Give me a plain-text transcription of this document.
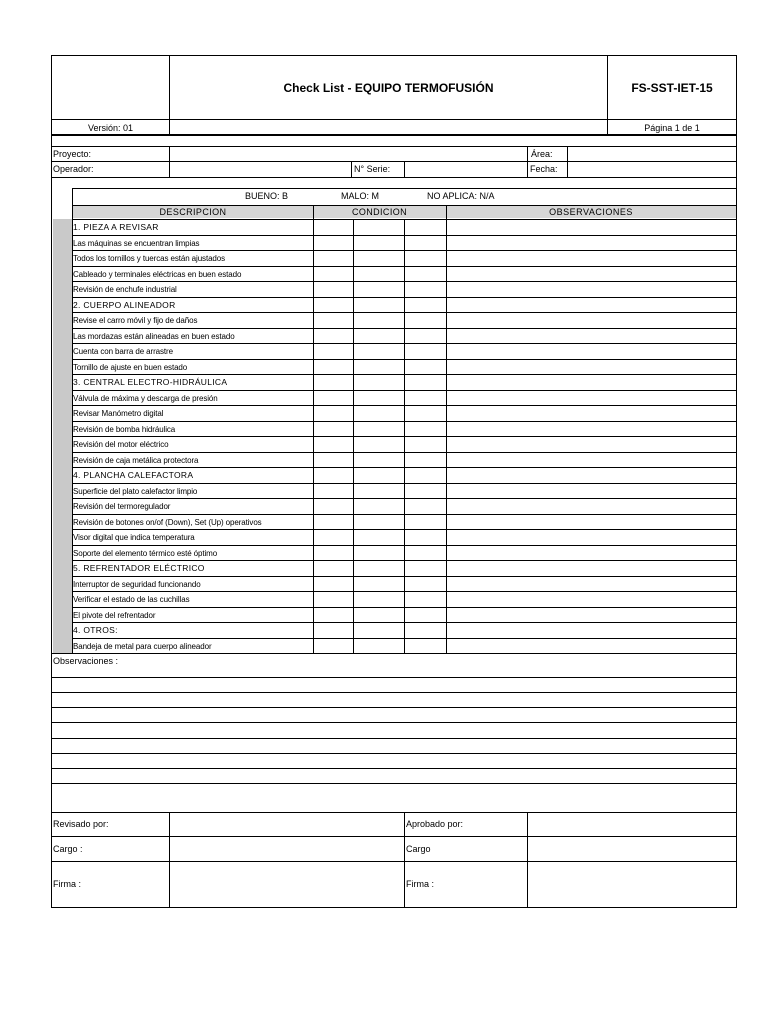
Check List - EQUIPO TERMOFUSIÓN	FS-SST-IET-15
Versión: 01	Página 1 de 1
Proyecto:	Área:
Operador:	N° Serie:	Fecha:
BUENO: B	MALO: M	NO APLICA: N/A
DESCRIPCION	CONDICION	OBSERVACIONES
1. PIEZA A REVISAR
Las máquinas se encuentran limpias
Todos los tornillos y tuercas están ajustados
Cableado y terminales eléctricas en buen estado
Revisión de enchufe industrial
2. CUERPO ALINEADOR
Revise el carro móvil y fijo de daños
Las mordazas están alineadas en buen estado
Cuenta con barra de arrastre
Tornillo de ajuste en buen estado
3. CENTRAL ELECTRO-HIDRÁULICA
Válvula de máxima y descarga de presión
Revisar Manómetro digital
Revisión de bomba hidráulica
Revisión del motor eléctrico
Revisión de caja metálica protectora
4. PLANCHA CALEFACTORA
Superficie del plato calefactor limpio
Revisión del termoregulador
Revisión de botones on/of (Down), Set (Up) operativos
Visor digital que indica temperatura
Soporte del elemento térmico esté óptimo
5. REFRENTADOR ELÉCTRICO
Interruptor de seguridad funcionando
Verificar el estado de las cuchillas
El pivote del refrentador
4. OTROS:
Bandeja de metal para cuerpo alineador
Observaciones :
Revisado por:	Aprobado por:
Cargo :	Cargo
Firma :	Firma :
